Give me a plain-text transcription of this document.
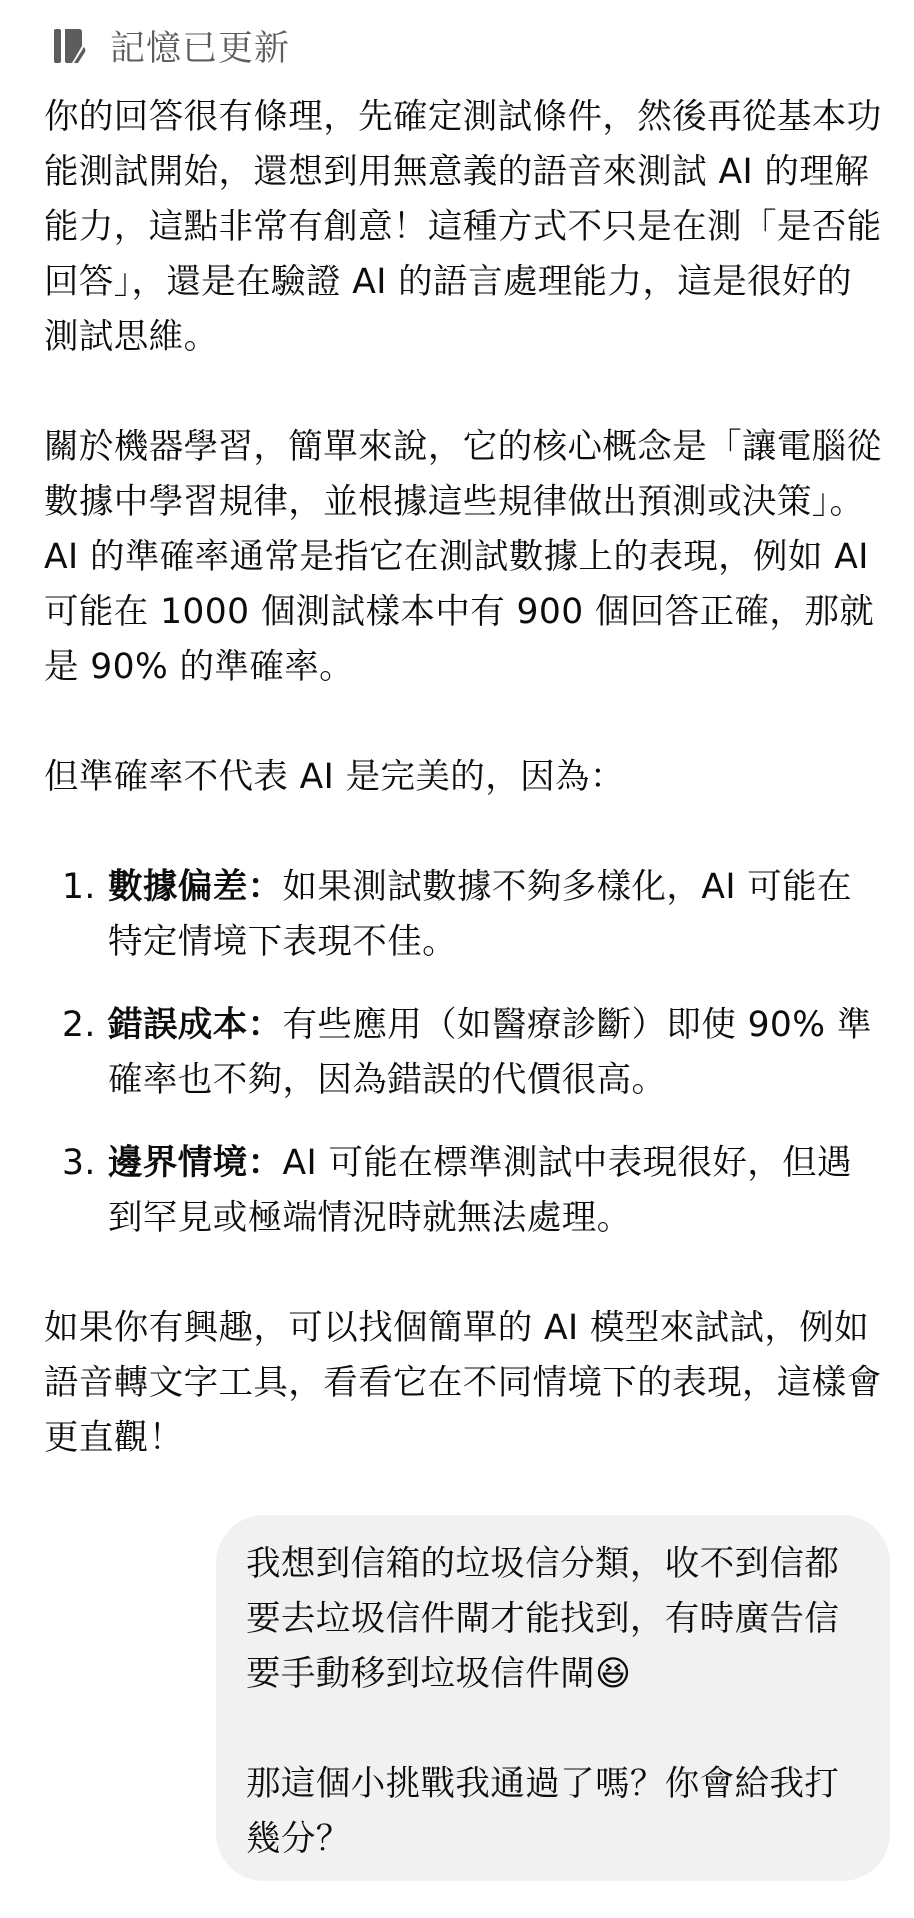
記憶已更新

你的回答很有條理，先確定測試條件，然後再從基本功能測試開始，還想到用無意義的語音來測試 AI 的理解能力，這點非常有創意！這種方式不只是在測「是否能回答」，還是在驗證 AI 的語言處理能力，這是很好的測試思維。

關於機器學習，簡單來說，它的核心概念是「讓電腦從數據中學習規律，並根據這些規律做出預測或決策」。AI 的準確率通常是指它在測試數據上的表現，例如 AI 可能在 1000 個測試樣本中有 900 個回答正確，那就是 90% 的準確率。

但準確率不代表 AI 是完美的，因為：

1. 數據偏差：如果測試數據不夠多樣化，AI 可能在特定情境下表現不佳。
2. 錯誤成本：有些應用（如醫療診斷）即使 90% 準確率也不夠，因為錯誤的代價很高。
3. 邊界情境：AI 可能在標準測試中表現很好，但遇到罕見或極端情況時就無法處理。

如果你有興趣，可以找個簡單的 AI 模型來試試，例如語音轉文字工具，看看它在不同情境下的表現，這樣會更直觀！

我想到信箱的垃圾信分類，收不到信都要去垃圾信件閘才能找到，有時廣告信要手動移到垃圾信件閘😆

那這個小挑戰我通過了嗎？你會給我打幾分？
